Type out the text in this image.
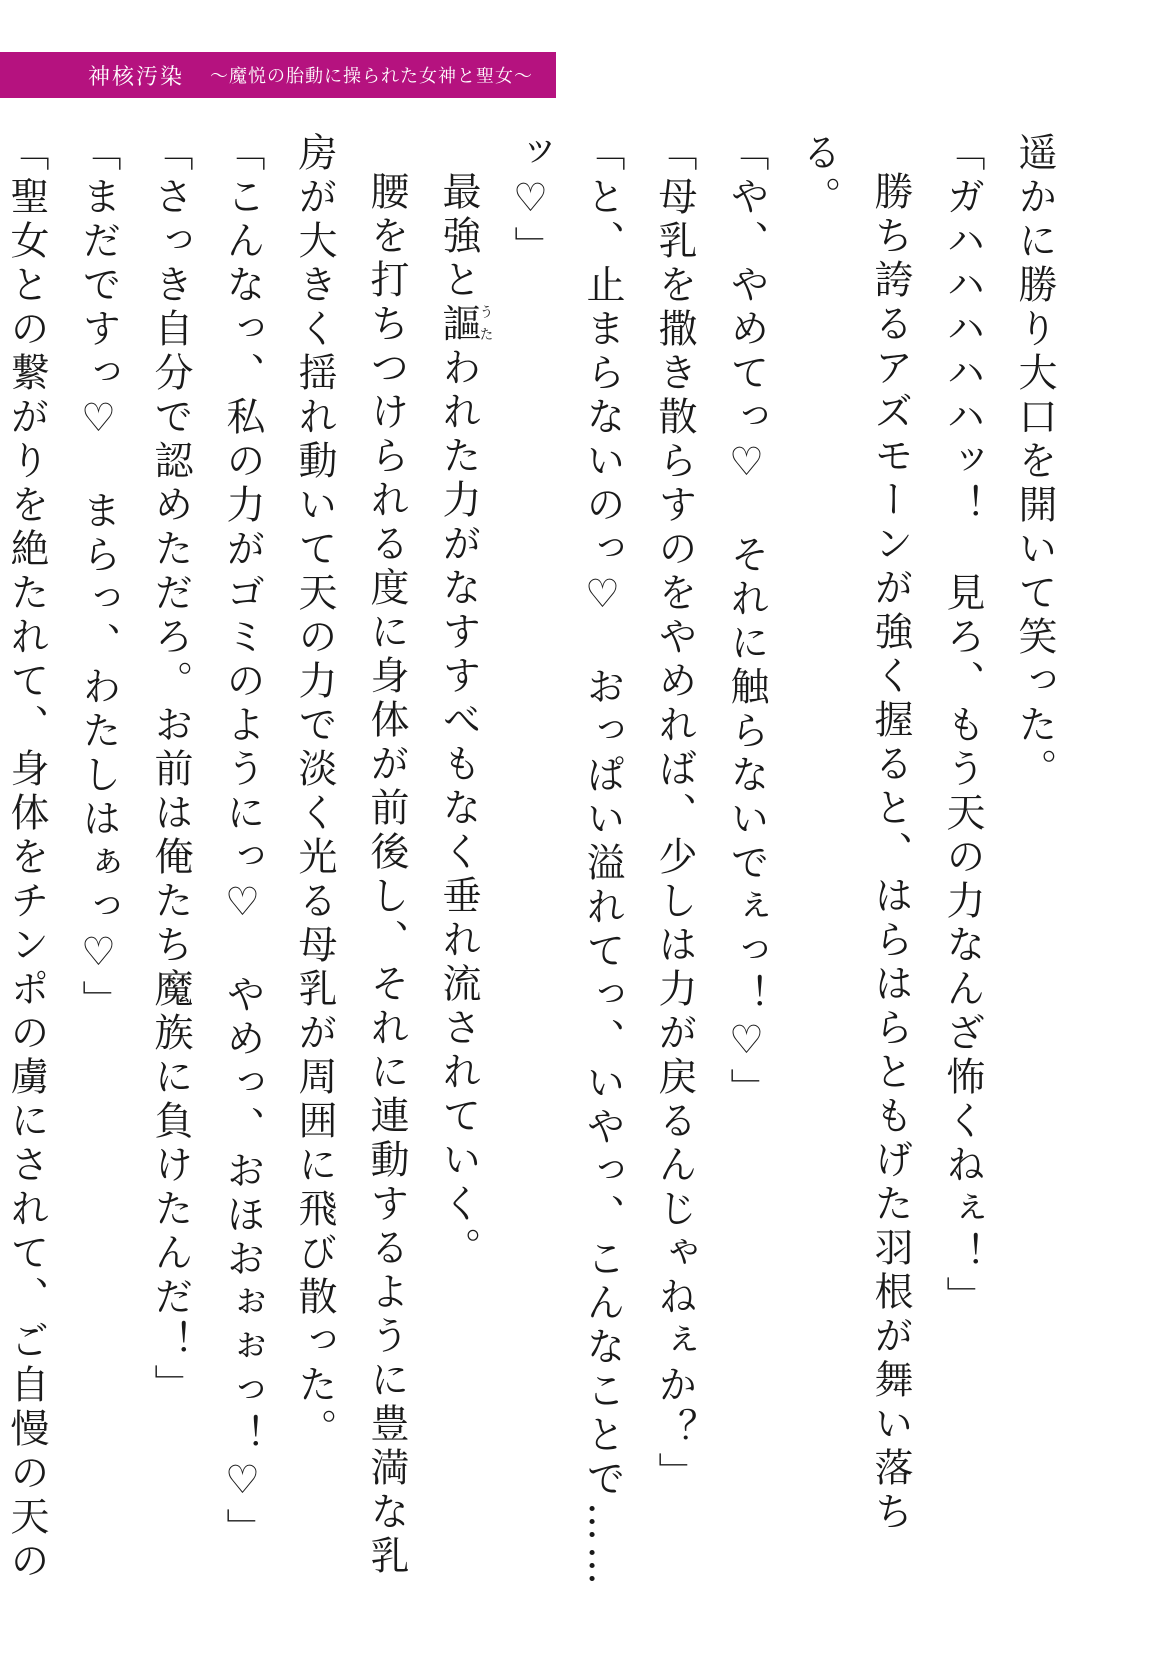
神核汚染 ～魔悦の胎動に操られた女神と聖女～

遥かに勝り大口を開いて笑った。

「ガハハハハハッ！　見ろ、もう天の力なんざ怖くねぇ！」

勝ち誇るアズモーンが強く握ると、はらはらともげた羽根が舞い落ちる。

「や、やめてっ♡　それに触らないでぇっ！♡」

「母乳を撒き散らすのをやめれば、少しは力が戻るんじゃねぇか？」

「と、止まらないのっ♡　おっぱい溢れてっ、いやっ、こんなことで……ッ♡」

最強と謳うたわれた力がなすすべもなく垂れ流されていく。

腰を打ちつけられる度に身体が前後し、それに連動するように豊満な乳房が大きく揺れ動いて天の力で淡く光る母乳が周囲に飛び散った。

「こんなっ、私の力がゴミのようにっ♡　やめっ、おほおぉぉっ！♡」

「さっき自分で認めただろ。お前は俺たち魔族に負けたんだ！」

「まだですっ♡　まらっ、わたしはぁっ♡」

「聖女との繋がりを絶たれて、身体をチンポの虜にされて、ご自慢の天の　　
